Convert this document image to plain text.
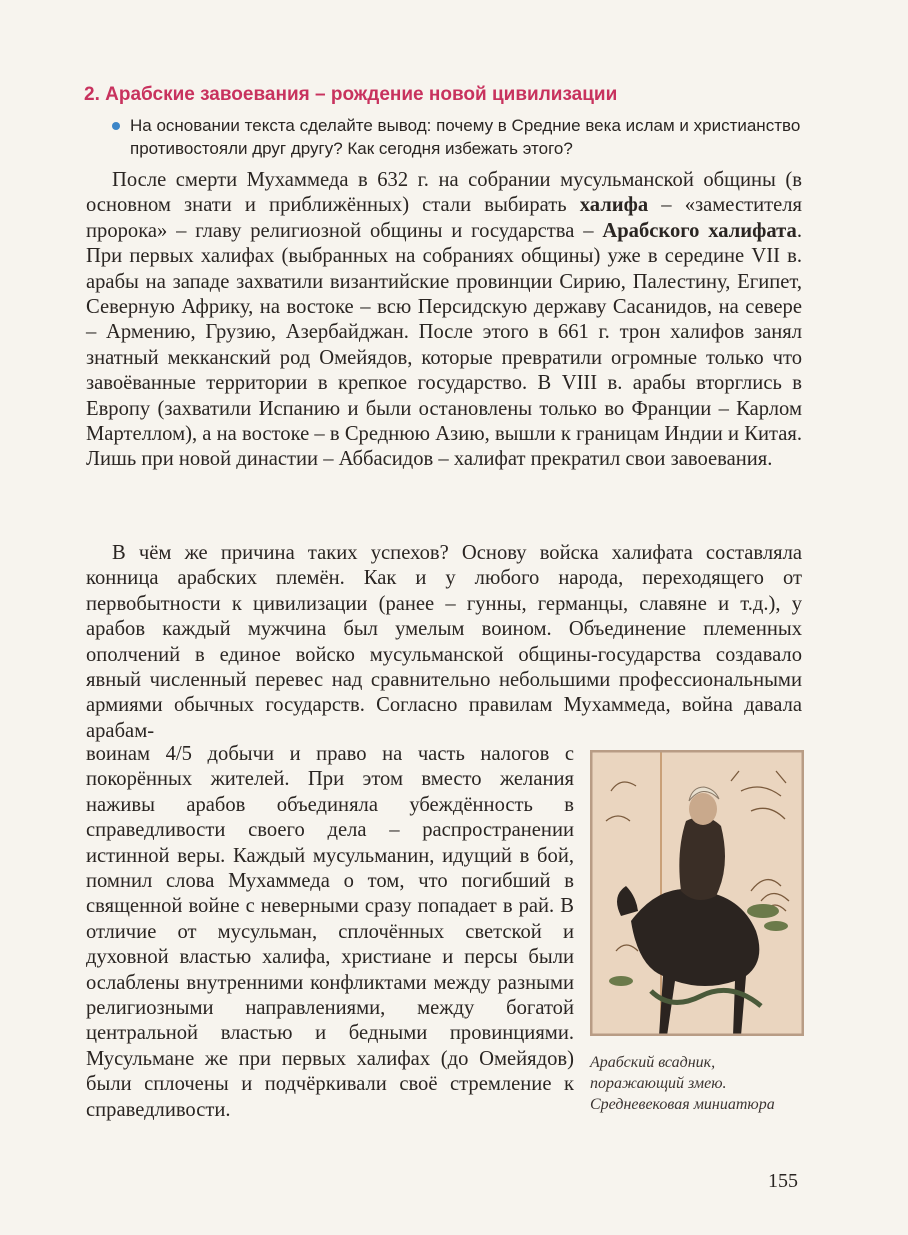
2. Арабские завоевания – рождение новой цивилизации
На основании текста сделайте вывод: почему в Средние века ислам и христианство противостояли друг другу? Как сегодня избежать этого?
После смерти Мухаммеда в 632 г. на собрании мусульманской общины (в основном знати и приближённых) стали выбирать халифа – «заместителя пророка» – главу религиозной общины и государства – Арабского халифата. При первых халифах (выбранных на собраниях общины) уже в середине VII в. арабы на западе захватили византийские провинции Сирию, Палестину, Египет, Северную Африку, на востоке – всю Персидскую державу Сасанидов, на севере – Армению, Грузию, Азербайджан. После этого в 661 г. трон халифов занял знатный мекканский род Омейядов, которые превратили огромные только что завоёванные территории в крепкое государство. В VIII в. арабы вторглись в Европу (захватили Испанию и были остановлены только во Франции – Карлом Мартеллом), а на востоке – в Среднюю Азию, вышли к границам Индии и Китая. Лишь при новой династии – Аббасидов – халифат прекратил свои завоевания.
В чём же причина таких успехов? Основу войска халифата составляла конница арабских племён. Как и у любого народа, переходящего от первобытности к цивилизации (ранее – гунны, германцы, славяне и т.д.), у арабов каждый мужчина был умелым воином. Объединение племенных ополчений в единое войско мусульманской общины-государства создавало явный численный перевес над сравнительно небольшими профессиональными армиями обычных государств. Согласно правилам Мухаммеда, война давала арабам-
воинам 4/5 добычи и право на часть налогов с покорённых жителей. При этом вместо желания наживы арабов объединяла убеждённость в справедливости своего дела – распространении истинной веры. Каждый мусульманин, идущий в бой, помнил слова Мухаммеда о том, что погибший в священной войне с неверными сразу попадает в рай. В отличие от мусульман, сплочённых светской и духовной властью халифа, христиане и персы были ослаблены внутренними конфликтами между разными религиозными направлениями, между богатой центральной властью и бедными провинциями. Мусульмане же при первых халифах (до Омейядов) были сплочены и подчёркивали своё стремление к справедливости.
Арабский всадник, поражающий змею. Средневековая миниатюра
155
